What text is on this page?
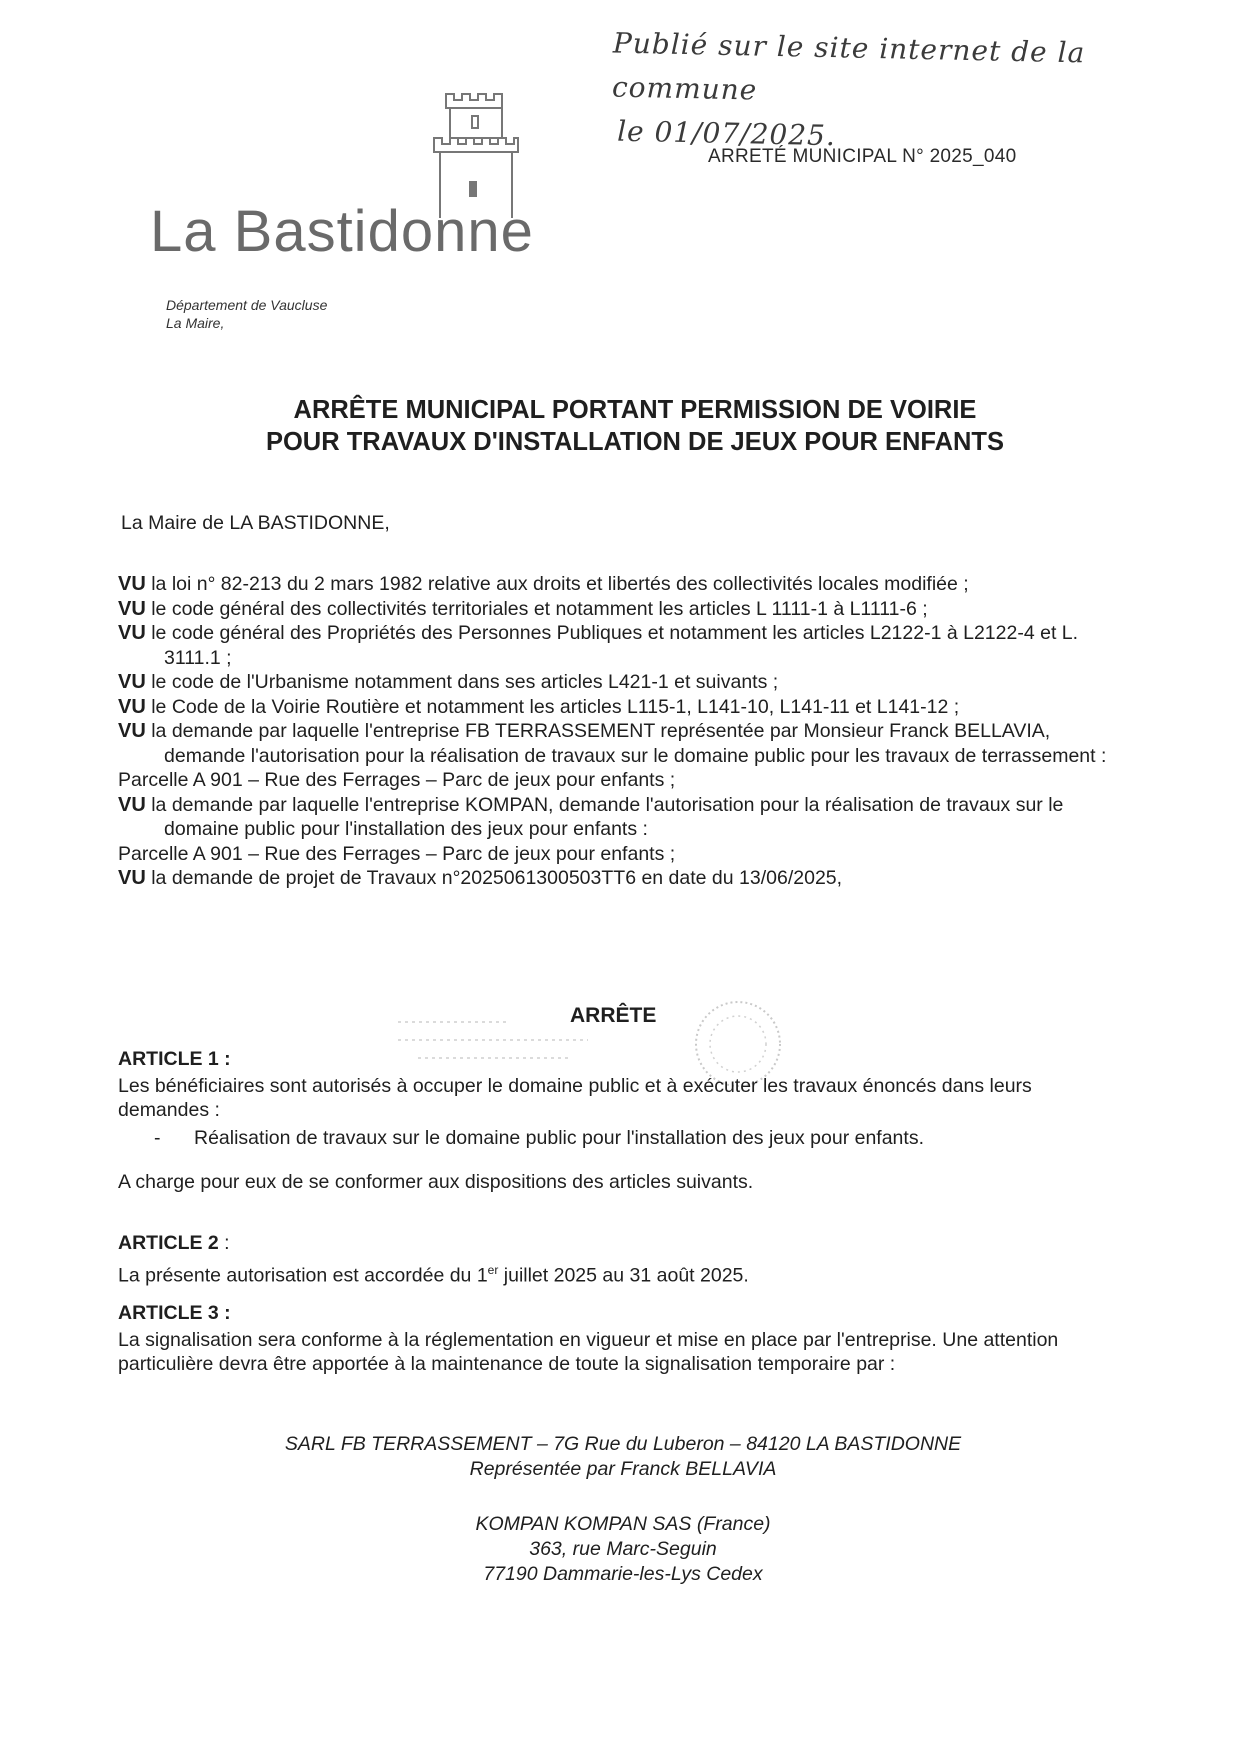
Publié sur le site internet de la commune
le 01/07/2025.
ARRETÉ MUNICIPAL N° 2025_040
La Bastidonne
Département de Vaucluse
La Maire,
ARRÊTE MUNICIPAL PORTANT PERMISSION DE VOIRIE
POUR TRAVAUX D'INSTALLATION DE JEUX POUR ENFANTS
La Maire de LA BASTIDONNE,

VU la loi n° 82-213 du 2 mars 1982 relative aux droits et libertés des collectivités locales modifiée ;

VU le code général des collectivités territoriales et notamment les articles L 1111-1 à L1111-6 ;

VU le code général des Propriétés des Personnes Publiques et notamment les articles L2122-1 à L2122-4 et L. 3111.1 ;

VU le code de l'Urbanisme notamment dans ses articles L421-1 et suivants ;

VU le Code de la Voirie Routière et notamment les articles L115-1, L141-10, L141-11 et L141-12 ;

VU la demande par laquelle l'entreprise FB TERRASSEMENT représentée par Monsieur Franck BELLAVIA, demande l'autorisation pour la réalisation de travaux sur le domaine public pour les travaux de terrassement :

Parcelle A 901 – Rue des Ferrages – Parc de jeux pour enfants ;

VU la demande par laquelle l'entreprise KOMPAN, demande l'autorisation pour la réalisation de travaux sur le domaine public pour l'installation des jeux pour enfants :

Parcelle A 901 – Rue des Ferrages – Parc de jeux pour enfants ;

VU la demande de projet de Travaux n°2025061300503TT6 en date du 13/06/2025,

ARRÊTE
ARTICLE 1 :

Les bénéficiaires sont autorisés à occuper le domaine public et à exécuter les travaux énoncés dans leurs demandes :

-	Réalisation de travaux sur le domaine public pour l'installation des jeux pour enfants.

A charge pour eux de se conformer aux dispositions des articles suivants.

ARTICLE 2 :

La présente autorisation est accordée du 1er juillet 2025 au 31 août 2025.

ARTICLE 3 :

La signalisation sera conforme à la réglementation en vigueur et mise en place par l'entreprise. Une attention particulière devra être apportée à la maintenance de toute la signalisation temporaire par :

SARL FB TERRASSEMENT – 7G Rue du Luberon – 84120 LA BASTIDONNE
Représentée par Franck BELLAVIA
KOMPAN KOMPAN SAS (France)
363, rue Marc-Seguin
77190 Dammarie-les-Lys Cedex
